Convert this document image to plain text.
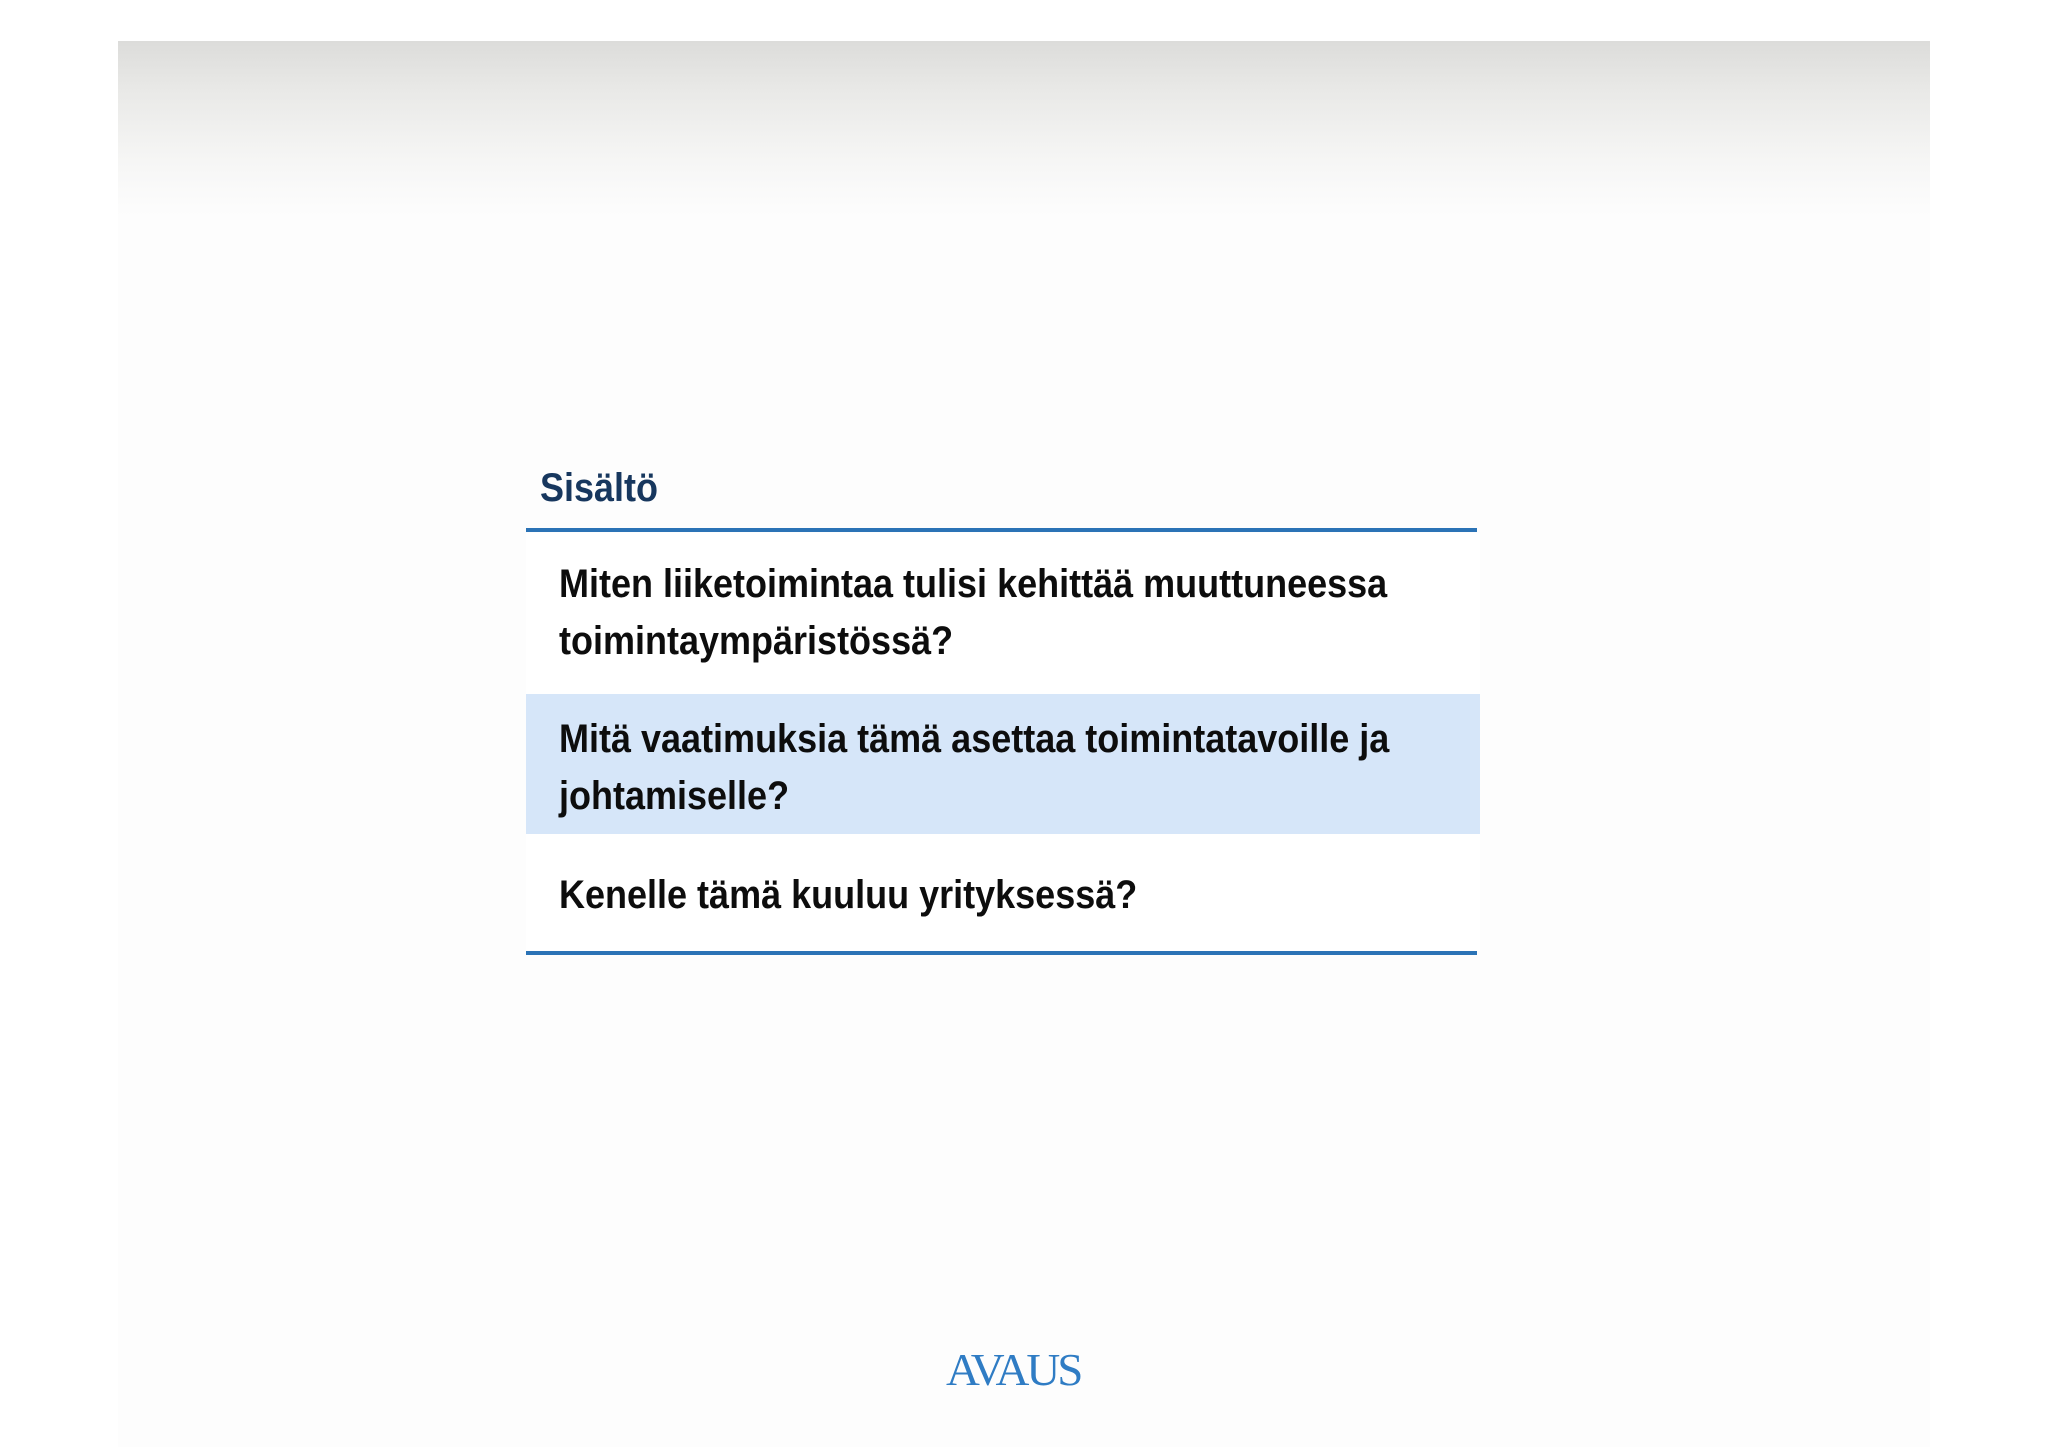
Sisältö
Miten liiketoimintaa tulisi kehittää muuttuneessa toimintaympäristössä?
Mitä vaatimuksia tämä asettaa toimintatavoille ja johtamiselle?
Kenelle tämä kuuluu yrityksessä?
AVAUS
